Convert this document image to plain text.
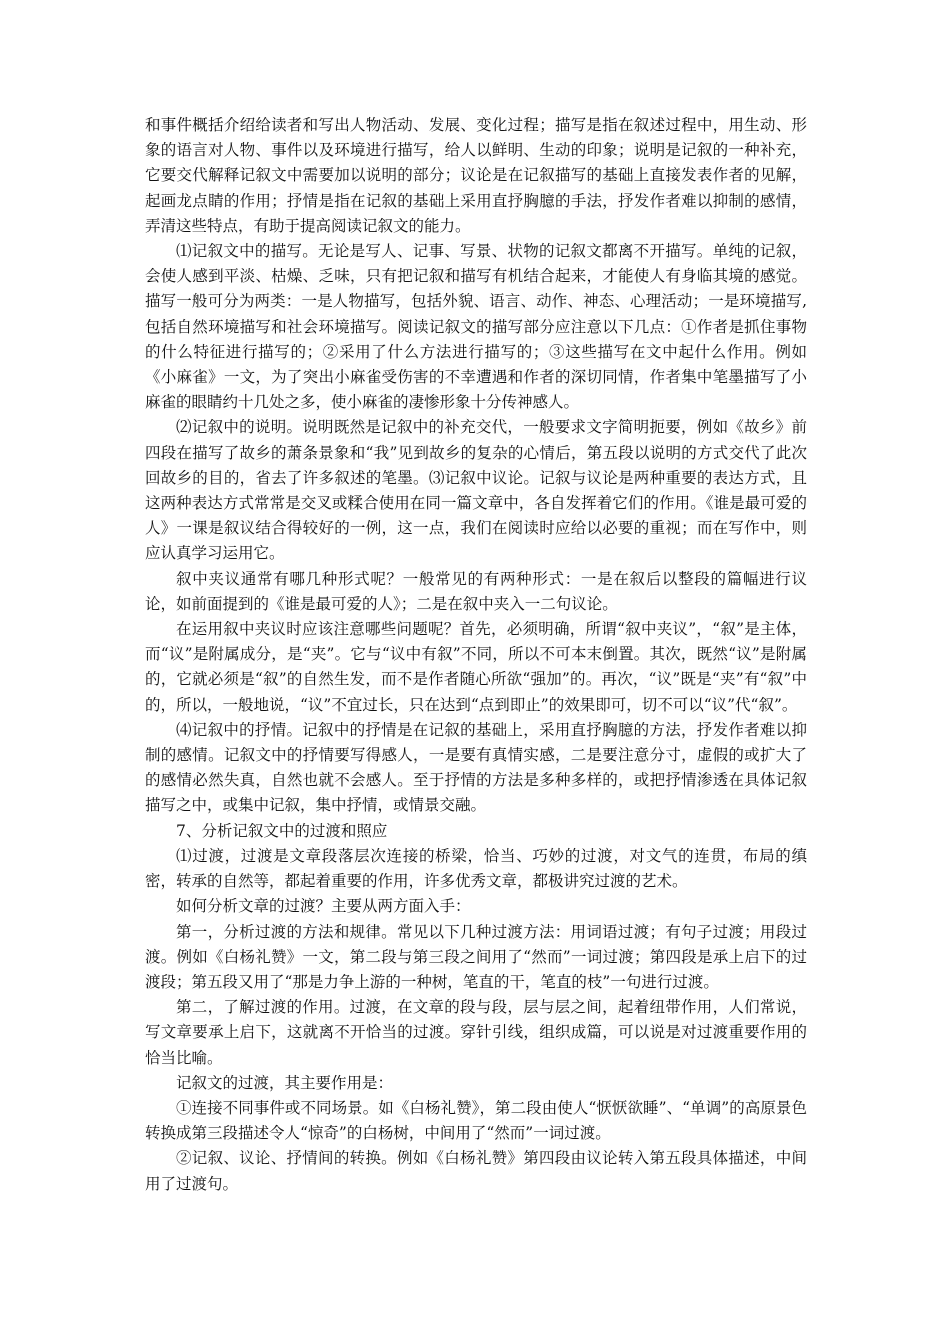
和事件概括介绍给读者和写出人物活动、发展、变化过程；描写是指在叙述过程中，用生动、形象的语言对人物、事件以及环境进行描写，给人以鲜明、生动的印象；说明是记叙的一种补充，它要交代解释记叙文中需要加以说明的部分；议论是在记叙描写的基础上直接发表作者的见解，起画龙点睛的作用；抒情是指在记叙的基础上采用直抒胸臆的手法，抒发作者难以抑制的感情，弄清这些特点，有助于提高阅读记叙文的能力。

⑴记叙文中的描写。无论是写人、记事、写景、状物的记叙文都离不开描写。单纯的记叙，会使人感到平淡、枯燥、乏味，只有把记叙和描写有机结合起来，才能使人有身临其境的感觉。描写一般可分为两类：一是人物描写，包括外貌、语言、动作、神态、心理活动；一是环境描写,包括自然环境描写和社会环境描写。阅读记叙文的描写部分应注意以下几点：①作者是抓住事物的什么特征进行描写的；②采用了什么方法进行描写的；③这些描写在文中起什么作用。例如《小麻雀》一文，为了突出小麻雀受伤害的不幸遭遇和作者的深切同情，作者集中笔墨描写了小麻雀的眼睛约十几处之多，使小麻雀的凄惨形象十分传神感人。

⑵记叙中的说明。说明既然是记叙中的补充交代，一般要求文字简明扼要，例如《故乡》前四段在描写了故乡的萧条景象和“我”见到故乡的复杂的心情后，第五段以说明的方式交代了此次回故乡的目的，省去了许多叙述的笔墨。⑶记叙中议论。记叙与议论是两种重要的表达方式，且这两种表达方式常常是交叉或糅合使用在同一篇文章中，各自发挥着它们的作用。《谁是最可爱的人》一课是叙议结合得较好的一例，这一点，我们在阅读时应给以必要的重视；而在写作中，则应认真学习运用它。

叙中夹议通常有哪几种形式呢？一般常见的有两种形式：一是在叙后以整段的篇幅进行议论，如前面提到的《谁是最可爱的人》；二是在叙中夹入一二句议论。

在运用叙中夹议时应该注意哪些问题呢？首先，必须明确，所谓“叙中夹议”，“叙”是主体，而“议”是附属成分，是“夹”。它与“议中有叙”不同，所以不可本末倒置。其次，既然“议”是附属的，它就必须是“叙”的自然生发，而不是作者随心所欲“强加”的。再次，“议”既是“夹”有“叙”中的，所以，一般地说，“议”不宜过长，只在达到“点到即止”的效果即可，切不可以“议”代“叙”。

⑷记叙中的抒情。记叙中的抒情是在记叙的基础上，采用直抒胸臆的方法，抒发作者难以抑制的感情。记叙文中的抒情要写得感人，一是要有真情实感，二是要注意分寸，虚假的或扩大了的感情必然失真，自然也就不会感人。至于抒情的方法是多种多样的，或把抒情渗透在具体记叙描写之中，或集中记叙，集中抒情，或情景交融。

7、分析记叙文中的过渡和照应

⑴过渡，过渡是文章段落层次连接的桥梁，恰当、巧妙的过渡，对文气的连贯，布局的缜密，转承的自然等，都起着重要的作用，许多优秀文章，都极讲究过渡的艺术。

如何分析文章的过渡？主要从两方面入手：

第一，分析过渡的方法和规律。常见以下几种过渡方法：用词语过渡；有句子过渡；用段过渡。例如《白杨礼赞》一文，第二段与第三段之间用了“然而”一词过渡；第四段是承上启下的过渡段；第五段又用了“那是力争上游的一种树，笔直的干，笔直的枝”一句进行过渡。

第二，了解过渡的作用。过渡，在文章的段与段，层与层之间，起着纽带作用，人们常说，写文章要承上启下，这就离不开恰当的过渡。穿针引线，组织成篇，可以说是对过渡重要作用的恰当比喻。

记叙文的过渡，其主要作用是：

①连接不同事件或不同场景。如《白杨礼赞》，第二段由使人“恹恹欲睡”、“单调”的高原景色转换成第三段描述令人“惊奇”的白杨树，中间用了“然而”一词过渡。

②记叙、议论、抒情间的转换。例如《白杨礼赞》第四段由议论转入第五段具体描述，中间用了过渡句。
